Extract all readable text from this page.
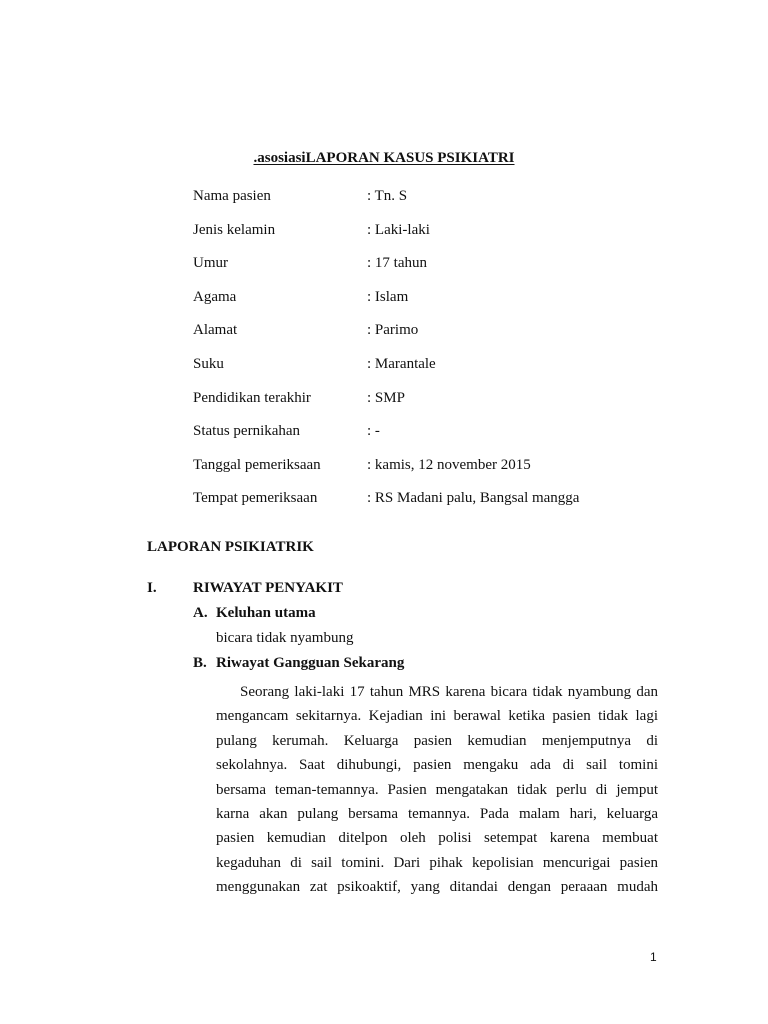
.asosiasiLAPORAN KASUS PSIKIATRI
Nama pasien	: Tn. S
Jenis kelamin	: Laki-laki
Umur	: 17 tahun
Agama	: Islam
Alamat	: Parimo
Suku	: Marantale
Pendidikan terakhir	: SMP
Status pernikahan	: -
Tanggal pemeriksaan	: kamis, 12 november 2015
Tempat pemeriksaan	: RS Madani palu, Bangsal mangga
LAPORAN PSIKIATRIK
I.	RIWAYAT PENYAKIT
A. Keluhan utama
bicara tidak nyambung
B. Riwayat Gangguan Sekarang
Seorang laki-laki 17 tahun MRS karena bicara tidak nyambung dan
mengancam sekitarnya. Kejadian ini berawal ketika pasien tidak lagi
pulang kerumah. Keluarga pasien kemudian menjemputnya di
sekolahnya. Saat dihubungi, pasien mengaku ada di sail tomini
bersama teman-temannya. Pasien mengatakan tidak perlu di jemput
karna akan pulang bersama temannya. Pada malam hari, keluarga
pasien kemudian ditelpon oleh polisi setempat karena membuat
kegaduhan di sail tomini. Dari pihak kepolisian mencurigai pasien
menggunakan zat psikoaktif, yang ditandai dengan peraaan mudah
1
